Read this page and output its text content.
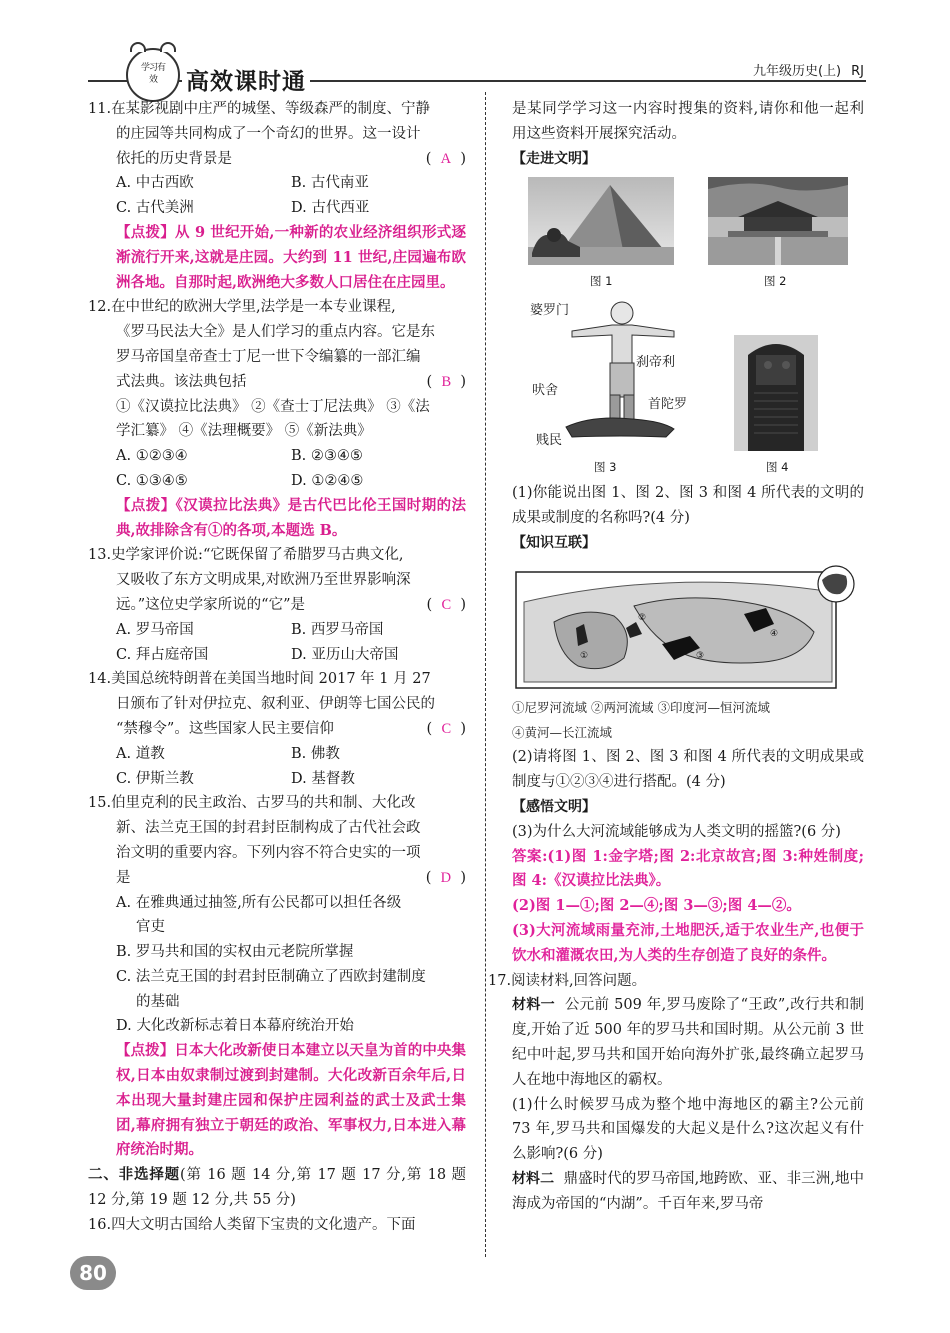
学习有效	高效课时通	九年级历史(上) RJ
11.在某影视剧中庄严的城堡、等级森严的制度、宁静
的庄园等共同构成了一个奇幻的世界。这一设计
依托的历史背景是	(  A  )
A. 中古西欧	B. 古代南亚
C. 古代美洲	D. 古代西亚
【点拨】从 9 世纪开始,一种新的农业经济组织形式逐渐流行开来,这就是庄园。大约到 11 世纪,庄园遍布欧洲各地。自那时起,欧洲绝大多数人口居住在庄园里。
12.在中世纪的欧洲大学里,法学是一本专业课程,
《罗马民法大全》是人们学习的重点内容。它是东
罗马帝国皇帝查士丁尼一世下令编纂的一部汇编
式法典。该法典包括	(  B  )
①《汉谟拉比法典》 ②《查士丁尼法典》 ③《法
学汇纂》 ④《法理概要》 ⑤《新法典》
A. ①②③④	B. ②③④⑤
C. ①③④⑤	D. ①②④⑤
【点拨】《汉谟拉比法典》是古代巴比伦王国时期的法典,故排除含有①的各项,本题选 B。
13.史学家评价说:“它既保留了希腊罗马古典文化,
又吸收了东方文明成果,对欧洲乃至世界影响深
远。”这位史学家所说的“它”是	(  C  )
A. 罗马帝国	B. 西罗马帝国
C. 拜占庭帝国	D. 亚历山大帝国
14.美国总统特朗普在美国当地时间 2017 年 1 月 27
日颁布了针对伊拉克、叙利亚、伊朗等七国公民的
“禁穆令”。这些国家人民主要信仰	(  C  )
A. 道教	B. 佛教
C. 伊斯兰教	D. 基督教
15.伯里克利的民主政治、古罗马的共和制、大化改
新、法兰克王国的封君封臣制构成了古代社会政
治文明的重要内容。下列内容不符合史实的一项
是	(  D  )
A. 在雅典通过抽签,所有公民都可以担任各级
官吏
B. 罗马共和国的实权由元老院所掌握
C. 法兰克王国的封君封臣制确立了西欧封建制度
的基础
D. 大化改新标志着日本幕府统治开始
【点拨】日本大化改新使日本建立以天皇为首的中央集权,日本由奴隶制过渡到封建制。大化改新百余年后,日本出现大量封建庄园和保护庄园利益的武士及武士集团,幕府拥有独立于朝廷的政治、军事权力,日本进入幕府统治时期。
二、非选择题(第 16 题 14 分,第 17 题 17 分,第 18 题 12 分,第 19 题 12 分,共 55 分)
16.四大文明古国给人类留下宝贵的文化遗产。下面
是某同学学习这一内容时搜集的资料,请你和他一起利用这些资料开展探究活动。
【走进文明】
图 1	图 2
婆罗门
刹帝利
吠舍
首陀罗
贱民
图 3	图 4
(1)你能说出图 1、图 2、图 3 和图 4 所代表的文明的成果或制度的名称吗?(4 分)
【知识互联】
①
②
③
④
①尼罗河流域 ②两河流域 ③印度河—恒河流域
④黄河—长江流域
(2)请将图 1、图 2、图 3 和图 4 所代表的文明成果或制度与①②③④进行搭配。(4 分)
【感悟文明】
(3)为什么大河流域能够成为人类文明的摇篮?(6 分)
答案:(1)图 1:金字塔;图 2:北京故宫;图 3:种姓制度;图 4:《汉谟拉比法典》。
(2)图 1—①;图 2—④;图 3—③;图 4—②。
(3)大河流域雨量充沛,土地肥沃,适于农业生产,也便于饮水和灌溉农田,为人类的生存创造了良好的条件。
17.阅读材料,回答问题。
材料一 公元前 509 年,罗马废除了“王政”,改行共和制度,开始了近 500 年的罗马共和国时期。从公元前 3 世纪中叶起,罗马共和国开始向海外扩张,最终确立起罗马人在地中海地区的霸权。
(1)什么时候罗马成为整个地中海地区的霸主?公元前 73 年,罗马共和国爆发的大起义是什么?这次起义有什么影响?(6 分)
材料二 鼎盛时代的罗马帝国,地跨欧、亚、非三洲,地中海成为帝国的“内湖”。千百年来,罗马帝
80
